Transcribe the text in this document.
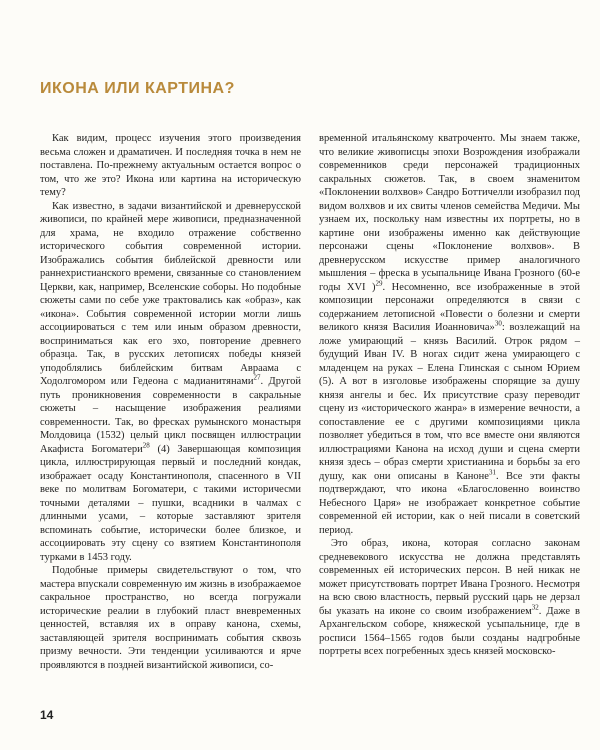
ИКОНА ИЛИ КАРТИНА?

Как видим, процесс изучения этого произведения весьма сложен и драматичен. И последняя точка в нем не поставлена. По-прежнему актуальным остается вопрос о том, что же это? Икона или картина на историческую тему?

Как известно, в задачи византийской и древнерусской живописи, по крайней мере живописи, предназначенной для храма, не входило отражение собственно исторического события современной истории. Изображались события библейской древности или раннехристианского времени, связанные со становлением Церкви, как, например, Вселенские соборы. Но подобные сюжеты сами по себе уже трактовались как «образ», как «икона». События современной истории могли лишь ассоциироваться с тем или иным образом древности, восприниматься как его эхо, повторение древнего образца. Так, в русских летописях победы князей уподоблялись библейским битвам Авраама с Ходолгомором или Гедеона с мадианитянами$^{27}$. Другой путь проникновения современности в сакральные сюжеты – насыщение изображения реалиями современности. Так, во фресках румынского монастыря Молдовица (1532) целый цикл посвящен иллюстрации Акафиста Богоматери$^{28}$ (4) Завершающая композиция цикла, иллюстрирующая первый и последний кондак, изображает осаду Константинополя, спасенного в VII веке по молитвам Богоматери, с такими историчесми точными деталями – пушки, всадники в чалмах с длинными усами, – которые заставляют зрителя вспоминать событие, исторически более близкое, и ассоциировать эту сцену со взятием Константинополя турками в 1453 году.

Подобные примеры свидетельствуют о том, что мастера впускали современную им жизнь в изображаемое сакральное пространство, но всегда погружали исторические реалии в глубокий пласт вневременных ценностей, вставляя их в оправу канона, схемы, заставляющей зрителя воспринимать события сквозь призму вечности. Эти тенденции усиливаются и ярче проявляются в поздней византийской живописи, со-

временной итальянскому кватроченто. Мы знаем также, что великие живописцы эпохи Возрождения изображали современников среди персонажей традиционных сакральных сюжетов. Так, в своем знаменитом «Поклонении волхвов» Сандро Боттичелли изобразил под видом волхвов и их свиты членов семейства Медичи. Мы узнаем их, поскольку нам известны их портреты, но в картине они изображены именно как действующие персонажи сцены «Поклонение волхвов». В древнерусском искусстве пример аналогичного мышления – фреска в усыпальнице Ивана Грозного (60-е годы XVI )$^{29}$. Несомненно, все изображенные в этой композиции персонажи определяются в связи с содержанием летописной «Повести о болезни и смерти великого князя Василия Иоанновича»$^{30}$: возлежащий на ложе умирающий – князь Василий. Отрок рядом – будущий Иван IV. В ногах сидит жена умирающего с младенцем на руках – Елена Глинская с сыном Юрием (5). А вот в изголовье изображены спорящие за душу князя ангелы и бес. Их присутствие сразу переводит сцену из «исторического жанра» в измерение вечности, а сопоставление ее с другими композициями цикла позволяет убедиться в том, что все вместе они являются иллюстрациями Канона на исход души и сцена смерти князя здесь – образ смерти христианина и борьбы за его душу, как они описаны в Каноне$^{31}$. Все эти факты подтверждают, что икона «Благословенно воинство Небесного Царя» не изображает конкретное событие современной ей истории, как о ней писали в советский период.

Это образ, икона, которая согласно законам средневекового искусства не должна представлять современных ей исторических персон. В ней никак не может присутствовать портрет Ивана Грозного. Несмотря на всю свою властность, первый русский царь не дерзал бы указать на иконе со своим изображением$^{32}$. Даже в Архангельском соборе, княжеской усыпальнице, где в росписи 1564–1565 годов были созданы надгробные портреты всех погребенных здесь князей московско-

14
